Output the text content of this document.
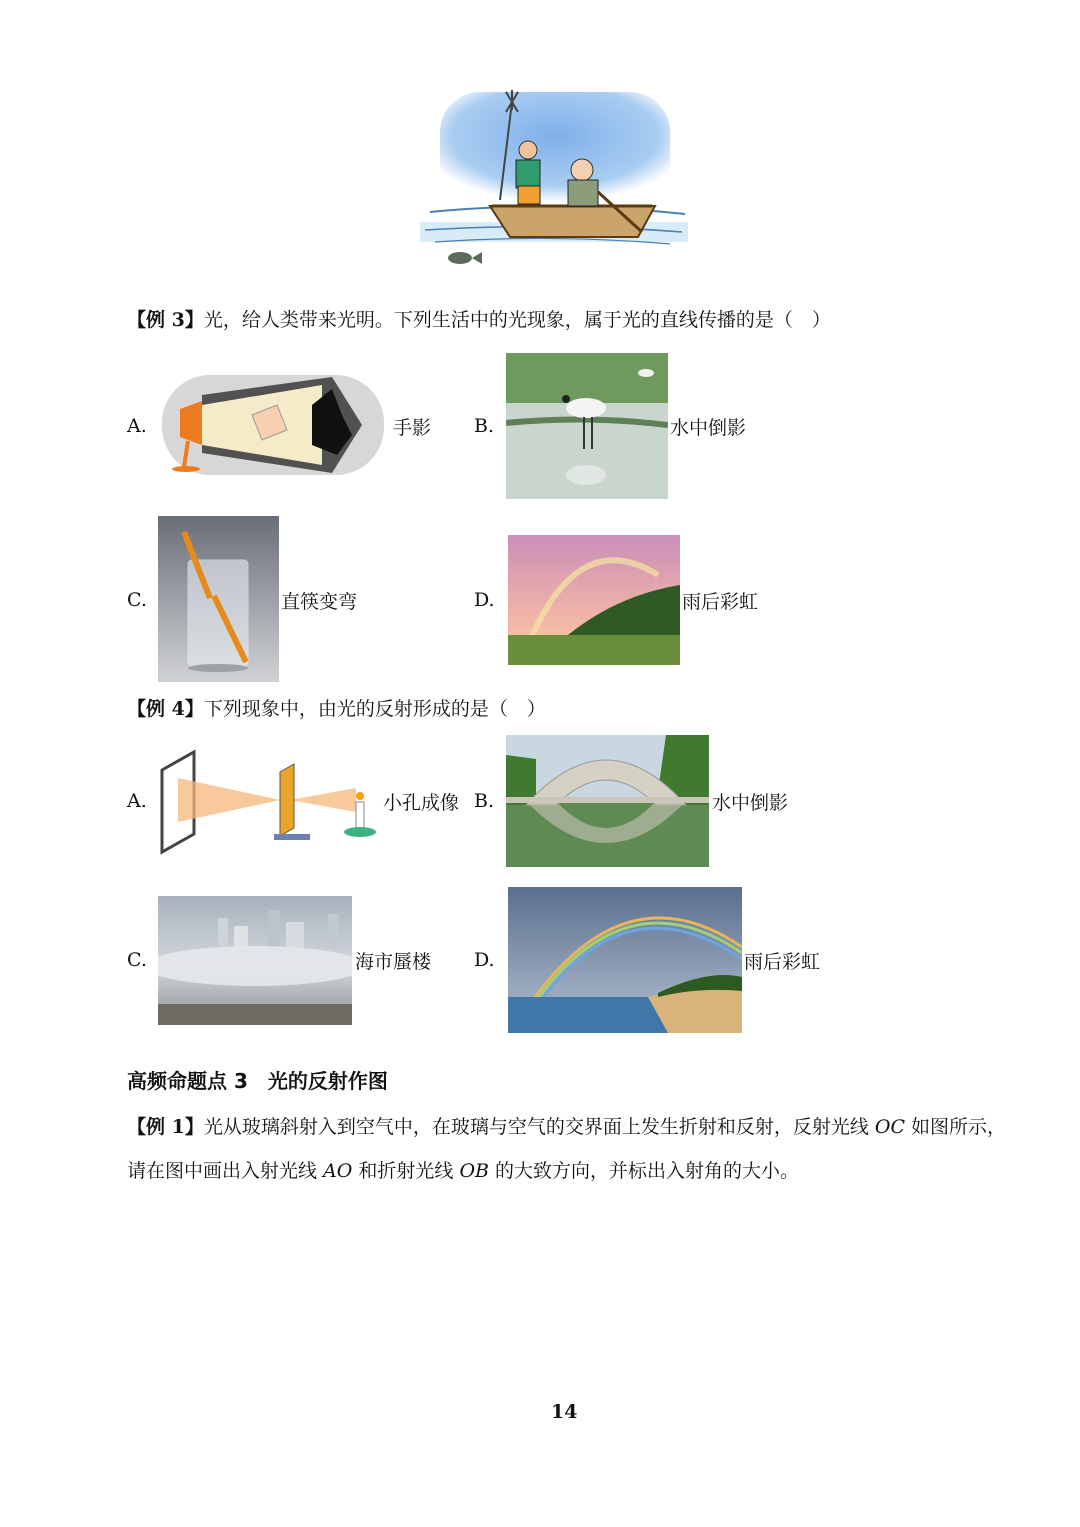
【例 3】光，给人类带来光明。下列生活中的光现象，属于光的直线传播的是（　）
A.	手影 B.	水中倒影
C.	直筷变弯	D.	雨后彩虹
【例 4】下列现象中，由光的反射形成的是（　）
A.	小孔成像 B.	水中倒影
C.	海市蜃楼 D.	雨后彩虹
高频命题点 3　光的反射作图
【例 1】光从玻璃斜射入到空气中，在玻璃与空气的交界面上发生折射和反射，反射光线 OC 如图所示，
请在图中画出入射光线 AO 和折射光线 OB 的大致方向，并标出入射角的大小。
14
